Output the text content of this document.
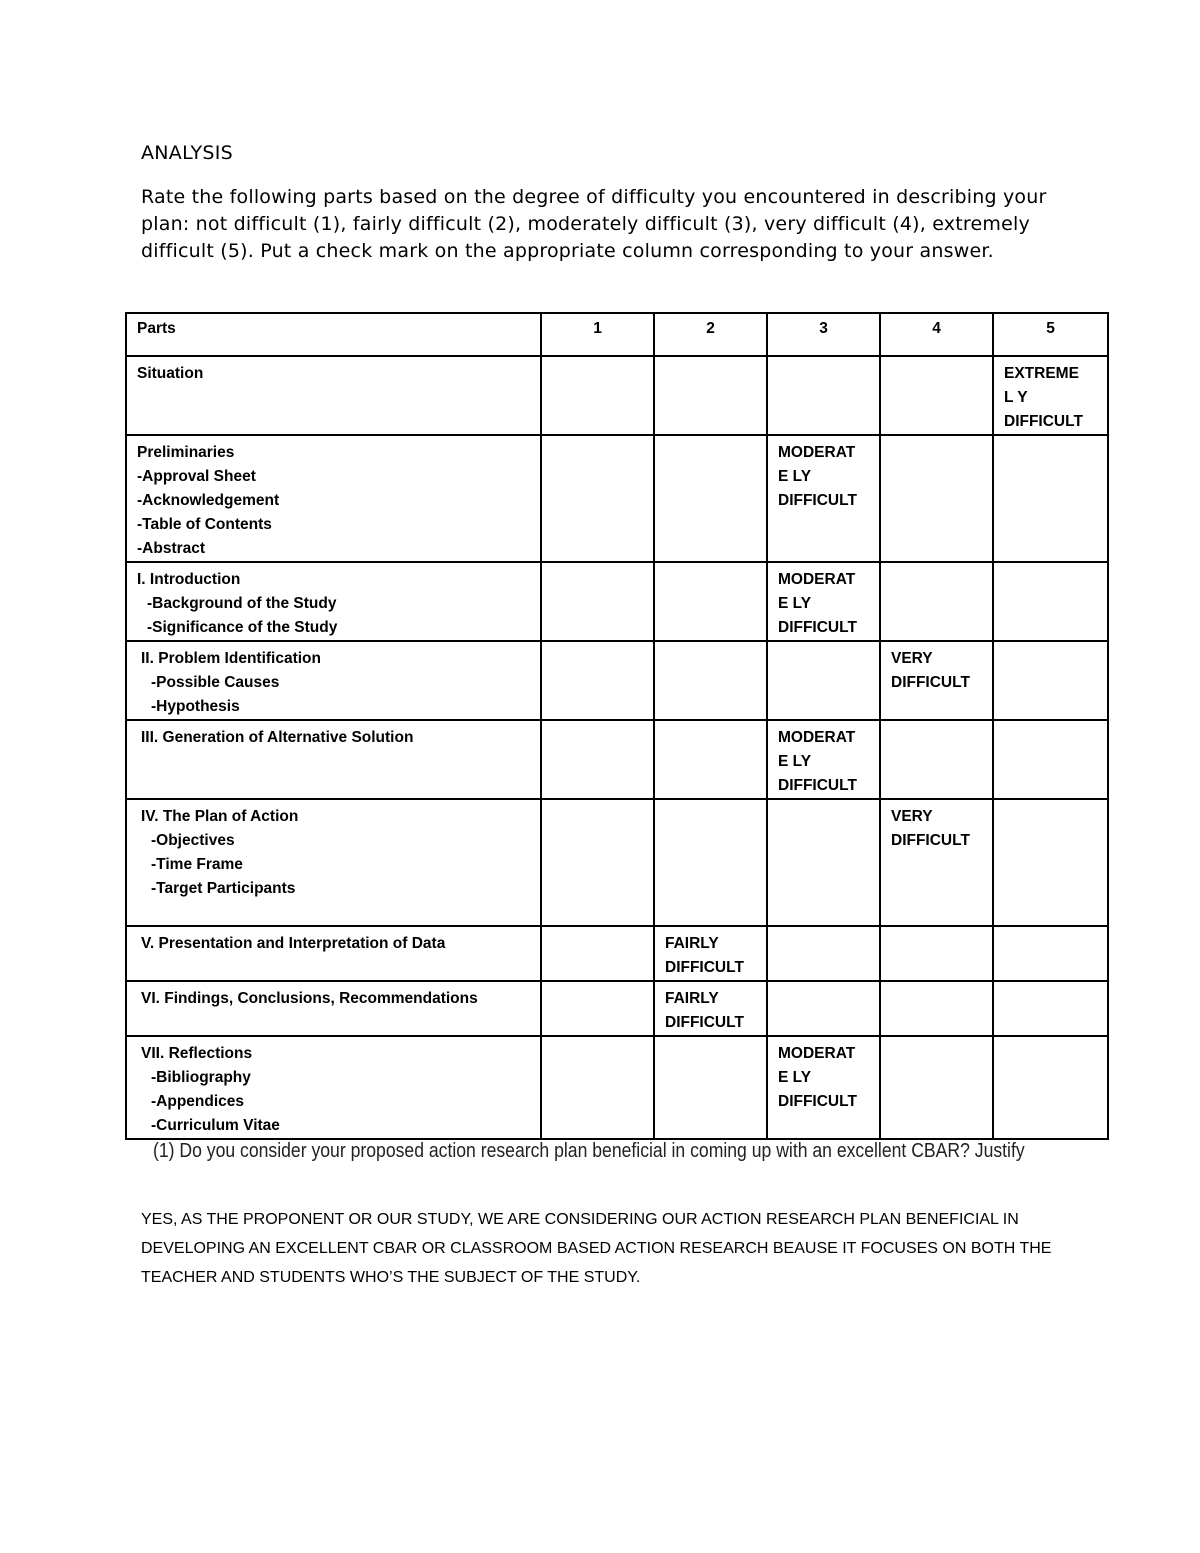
ANALYSIS
Rate the following parts based on the degree of difficulty you encountered in describing your plan: not difficult (1), fairly difficult (2), moderately difficult (3), very difficult (4), extremely difficult (5). Put a check mark on the appropriate column corresponding to your answer.
Parts	1	2	3	4	5

Situation					EXTREMEL Y DIFFICULT

Preliminaries
-Approval Sheet
-Acknowledgement
-Table of Contents
-Abstract			MODERATE LY DIFFICULT		

I. Introduction
-Background of the Study
-Significance of the Study			MODERATE LY DIFFICULT		

II. Problem Identification
-Possible Causes
-Hypothesis				VERY DIFFICULT	

III. Generation of Alternative Solution			MODERATE LY DIFFICULT		

IV. The Plan of Action
-Objectives
-Time Frame
-Target Participants				VERY DIFFICULT	

V. Presentation and Interpretation of Data		FAIRLY DIFFICULT			

VI. Findings, Conclusions, Recommendations		FAIRLY DIFFICULT			

VII. Reflections
-Bibliography
-Appendices
-Curriculum Vitae			MODERATE LY DIFFICULT		

(1) Do you consider your proposed action research plan beneficial in coming up with an excellent CBAR? Justify
YES, AS THE PROPONENT OR OUR STUDY, WE ARE CONSIDERING OUR ACTION RESEARCH PLAN BENEFICIAL IN DEVELOPING AN EXCELLENT CBAR OR CLASSROOM BASED ACTION RESEARCH BEAUSE IT FOCUSES ON BOTH THE TEACHER AND STUDENTS WHO’S THE SUBJECT OF THE STUDY.
